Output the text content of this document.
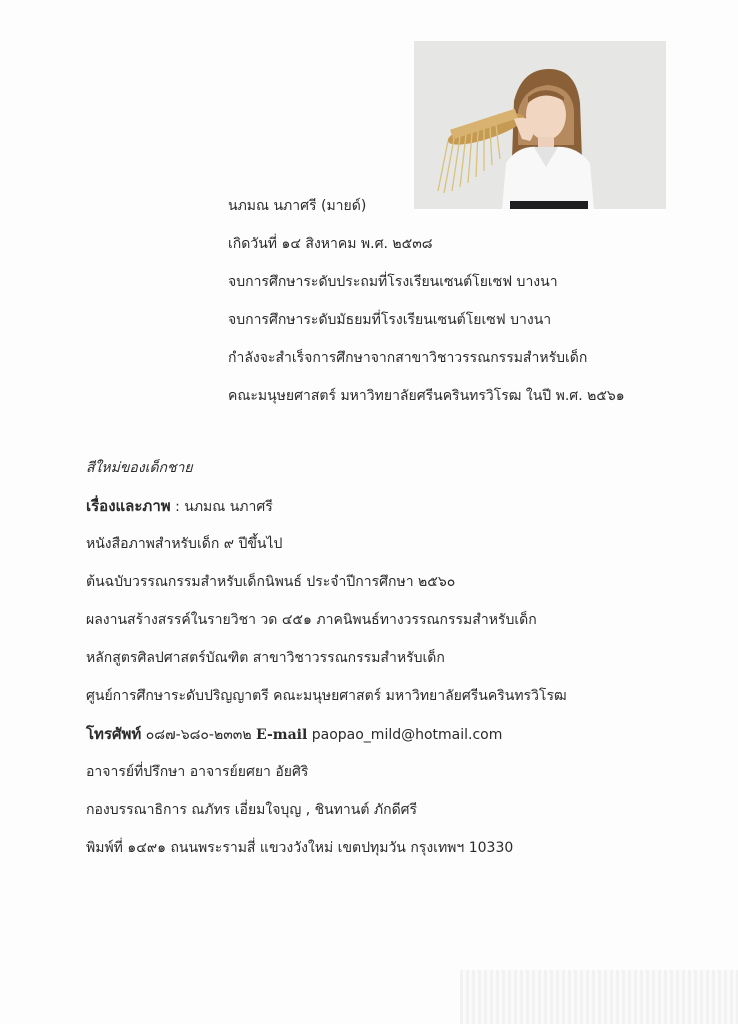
นภมณ นภาศรี (มายด์)
เกิดวันที่ ๑๔ สิงหาคม พ.ศ. ๒๕๓๘
จบการศึกษาระดับประถมที่โรงเรียนเซนต์โยเซฟ บางนา
จบการศึกษาระดับมัธยมที่โรงเรียนเซนต์โยเซฟ บางนา
กำลังจะสำเร็จการศึกษาจากสาขาวิชาวรรณกรรมสำหรับเด็ก
คณะมนุษยศาสตร์ มหาวิทยาลัยศรีนครินทรวิโรฒ ในปี พ.ศ. ๒๕๖๑
สีใหม่ของเด็กชาย
เรื่องและภาพ : นภมณ นภาศรี
หนังสือภาพสำหรับเด็ก ๙ ปีขึ้นไป
ต้นฉบับวรรณกรรมสำหรับเด็กนิพนธ์ ประจำปีการศึกษา ๒๕๖๐
ผลงานสร้างสรรค์ในรายวิชา วด ๔๕๑ ภาคนิพนธ์ทางวรรณกรรมสำหรับเด็ก
หลักสูตรศิลปศาสตร์บัณฑิต สาขาวิชาวรรณกรรมสำหรับเด็ก
ศูนย์การศึกษาระดับปริญญาตรี คณะมนุษยศาสตร์ มหาวิทยาลัยศรีนครินทรวิโรฒ
โทรศัพท์ ๐๘๗-๖๘๐-๒๓๓๒ E-mail paopao_mild@hotmail.com
อาจารย์ที่ปรึกษา อาจารย์ยศยา อัยศิริ
กองบรรณาธิการ ณภัทร เอี่ยมใจบุญ , ชินทานต์ ภักดีศรี
พิมพ์ที่ ๑๔๙๑ ถนนพระรามสี่ แขวงวังใหม่ เขตปทุมวัน กรุงเทพฯ 10330
